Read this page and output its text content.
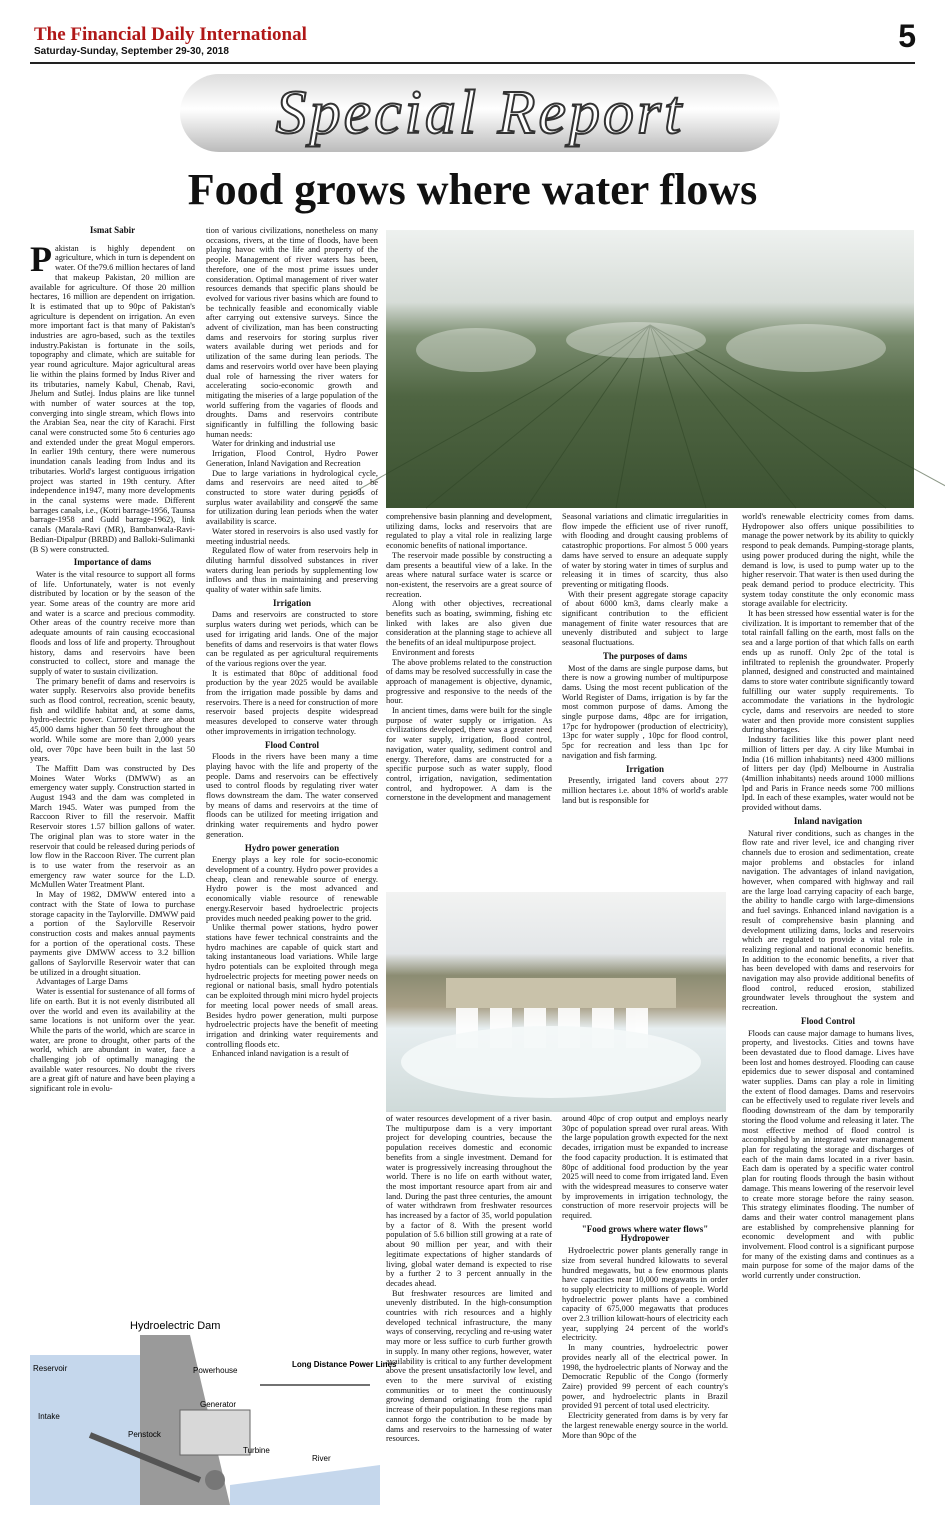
The Financial Daily International
Saturday-Sunday, September 29-30, 2018	5
Special Report
Food grows where water flows
Ismat Sabir
P akistan is highly dependent on agriculture, which in turn is dependent on water. Of the79.6 million hectares of land that makeup Pakistan, 20 million are available for agriculture. Of those 20 million hectares, 16 million are dependent on irrigation. It is estimated that up to 90pc of Pakistan's agriculture is dependent on irrigation. An even more important fact is that many of Pakistan's industries are agro-based, such as the textiles industry.Pakistan is fortunate in the soils, topography and climate, which are suitable for year round agriculture. Major agricultural areas lie within the plains formed by Indus River and its tributaries, namely Kabul, Chenab, Ravi, Jhelum and Sutlej. Indus plains are like tunnel with number of water sources at the top, converging into single stream, which flows into the Arabian Sea, near the city of Karachi. First canal were constructed some 5to 6 centuries ago and extended under the great Mogul emperors. In earlier 19th century, there were numerous inundation canals leading from Indus and its tributaries. World's largest contiguous irrigation project was started in 19th century. After independence in1947, many more developments in the canal systems were made. Different barrages canals, i.e., (Kotri barrage-1956, Taunsa barrage-1958 and Gudd barrage-1962), link canals (Marala-Ravi (MR), Bambanwala-Ravi-Bedian-Dipalpur (BRBD) and Balloki-Sulimanki (B S) were constructed.

Importance of dams

Water is the vital resource to support all forms of life. Unfortunately, water is not evenly distributed by location or by the season of the year. Some areas of the country are more arid and water is a scarce and precious commodity. Other areas of the country receive more than adequate amounts of rain causing ecoccasional floods and loss of life and property. Throughout history, dams and reservoirs have been constructed to collect, store and manage the supply of water to sustain civilization.

The primary benefit of dams and reservoirs is water supply. Reservoirs also provide benefits such as flood control, recreation, scenic beauty, fish and wildlife habitat and, at some dams, hydro-electric power. Currently there are about 45,000 dams higher than 50 feet throughout the world. While some are more than 2,000 years old, over 70pc have been built in the last 50 years.

The Maffitt Dam was constructed by Des Moines Water Works (DMWW) as an emergency water supply. Construction started in August 1943 and the dam was completed in March 1945. Water was pumped from the Raccoon River to fill the reservoir. Maffit Reservoir stores 1.57 billion gallons of water. The original plan was to store water in the reservoir that could be released during periods of low flow in the Raccoon River. The current plan is to use water from the reservoir as an emergency raw water source for the L.D. McMullen Water Treatment Plant.

In May of 1982, DMWW entered into a contract with the State of Iowa to purchase storage capacity in the Taylorville. DMWW paid a portion of the Saylorville Reservoir construction costs and makes annual payments for a portion of the operational costs. These payments give DMWW access to 3.2 billion gallons of Saylorville Reservoir water that can be utilized in a drought situation.

Advantages of Large Dams

Water is essential for sustenance of all forms of life on earth. But it is not evenly distributed all over the world and even its availability at the same locations is not uniform over the year. While the parts of the world, which are scarce in water, are prone to drought, other parts of the world, which are abundant in water, face a challenging job of optimally managing the available water resources. No doubt the rivers are a great gift of nature and have been playing a significant role in evolu-

tion of various civilizations, nonetheless on many occasions, rivers, at the time of floods, have been playing havoc with the life and property of the people. Management of river waters has been, therefore, one of the most prime issues under consideration. Optimal management of river water resources demands that specific plans should be evolved for various river basins which are found to be technically feasible and economically viable after carrying out extensive surveys. Since the advent of civilization, man has been constructing dams and reservoirs for storing surplus river waters available during wet periods and for utilization of the same during lean periods. The dams and reservoirs world over have been playing dual role of harnessing the river waters for accelerating socio-economic growth and mitigating the miseries of a large population of the world suffering from the vagaries of floods and droughts. Dams and reservoirs contribute significantly in fulfilling the following basic human needs:

Water for drinking and industrial use

Irrigation, Flood Control, Hydro Power Generation, Inland Navigation and Recreation

Due to large variations in hydrological cycle, dams and reservoirs are need aited to be constructed to store water during periods of surplus water availability and conserve the same for utilization during lean periods when the water availability is scarce.

Water stored in reservoirs is also used vastly for meeting industrial needs.

Regulated flow of water from reservoirs help in diluting harmful dissolved substances in river waters during lean periods by supplementing low inflows and thus in maintaining and preserving quality of water within safe limits.

Irrigation

Dams and reservoirs are constructed to store surplus waters during wet periods, which can be used for irrigating arid lands. One of the major benefits of dams and reservoirs is that water flows can be regulated as per agricultural requirements of the various regions over the year.

It is estimated that 80pc of additional food production by the year 2025 would be available from the irrigation made possible by dams and reservoirs. There is a need for construction of more reservoir based projects despite widespread measures developed to conserve water through other improvements in irrigation technology.

Flood Control

Floods in the rivers have been many a time playing havoc with the life and property of the people. Dams and reservoirs can be effectively used to control floods by regulating river water flows downstream the dam. The water conserved by means of dams and reservoirs at the time of floods can be utilized for meeting irrigation and drinking water requirements and hydro power generation.

Hydro power generation

Energy plays a key role for socio-economic development of a country. Hydro power provides a cheap, clean and renewable source of energy. Hydro power is the most advanced and economically viable resource of renewable energy.Reservoir based hydroelectric projects provides much needed peaking power to the grid.

Unlike thermal power stations, hydro power stations have fewer technical constraints and the hydro machines are capable of quick start and taking instantaneous load variations. While large hydro potentials can be exploited through mega hydroelectric projects for meeting power needs on regional or national basis, small hydro potentials can be exploited through mini micro hydel projects for meeting local power needs of small areas. Besides hydro power generation, multi purpose hydroelectric projects have the benefit of meeting irrigation and drinking water requirements and controlling floods etc.

Enhanced inland navigation is a result of

comprehensive basin planning and development, utilizing dams, locks and reservoirs that are regulated to play a vital role in realizing large economic benefits of national importance.

The reservoir made possible by constructing a dam presents a beautiful view of a lake. In the areas where natural surface water is scarce or non-existent, the reservoirs are a great source of recreation.

Along with other objectives, recreational benefits such as boating, swimming, fishing etc linked with lakes are also given due consideration at the planning stage to achieve all the benefits of an ideal multipurpose project.

Environment and forests

The above problems related to the construction of dams may be resolved successfully in case the approach of management is objective, dynamic, progressive and responsive to the needs of the hour.

In ancient times, dams were built for the single purpose of water supply or irrigation. As civilizations developed, there was a greater need for water supply, irrigation, flood control, navigation, water quality, sediment control and energy. Therefore, dams are constructed for a specific purpose such as water supply, flood control, irrigation, navigation, sedimentation control, and hydropower. A dam is the cornerstone in the development and management

Seasonal variations and climatic irregularities in flow impede the efficient use of river runoff, with flooding and drought causing problems of catastrophic proportions. For almost 5 000 years dams have served to ensure an adequate supply of water by storing water in times of surplus and releasing it in times of scarcity, thus also preventing or mitigating floods.

With their present aggregate storage capacity of about 6000 km3, dams clearly make a significant contribution to the efficient management of finite water resources that are unevenly distributed and subject to large seasonal fluctuations.

The purposes of dams

Most of the dams are single purpose dams, but there is now a growing number of multipurpose dams. Using the most recent publication of the World Register of Dams, irrigation is by far the most common purpose of dams. Among the single purpose dams, 48pc are for irrigation, 17pc for hydropower (production of electricity), 13pc for water supply , 10pc for flood control, 5pc for recreation and less than 1pc for navigation and fish farming.

Irrigation

Presently, irrigated land covers about 277 million hectares i.e. about 18% of world's arable land but is responsible for

world's renewable electricity comes from dams. Hydropower also offers unique possibilities to manage the power network by its ability to quickly respond to peak demands. Pumping-storage plants, using power produced during the night, while the demand is low, is used to pump water up to the higher reservoir. That water is then used during the peak demand period to produce electricity. This system today constitute the only economic mass storage available for electricity.

It has been stressed how essential water is for the civilization. It is important to remember that of the total rainfall falling on the earth, most falls on the sea and a large portion of that which falls on earth ends up as runoff. Only 2pc of the total is infiltrated to replenish the groundwater. Properly planned, designed and constructed and maintained dams to store water contribute significantly toward fulfilling our water supply requirements. To accommodate the variations in the hydrologic cycle, dams and reservoirs are needed to store water and then provide more consistent supplies during shortages.

Industry facilities like this power plant need million of litters per day. A city like Mumbai in India (16 million inhabitants) need 4300 millions of litters per day (lpd) Melbourne in Australia (4million inhabitants) needs around 1000 millions lpd and Paris in France needs some 700 millions lpd. In each of these examples, water would not be provided without dams.

Inland navigation

Natural river conditions, such as changes in the flow rate and river level, ice and changing river channels due to erosion and sedimentation, create major problems and obstacles for inland navigation. The advantages of inland navigation, however, when compared with highway and rail are the large load carrying capacity of each barge, the ability to handle cargo with large-dimensions and fuel savings. Enhanced inland navigation is a result of comprehensive basin planning and development utilizing dams, locks and reservoirs which are regulated to provide a vital role in realizing regional and national economic benefits. In addition to the economic benefits, a river that has been developed with dams and reservoirs for navigation may also provide additional benefits of flood control, reduced erosion, stabilized groundwater levels throughout the system and recreation.

Flood Control

Floods can cause major damage to humans lives, property, and livestocks. Cities and towns have been devastated due to flood damage. Lives have been lost and homes destroyed. Flooding can cause epidemics due to sewer disposal and contamined water supplies. Dams can play a role in limiting the extent of flood damages. Dams and reservoirs can be effectively used to regulate river levels and flooding downstream of the dam by temporarily storing the flood volume and releasing it later. The most effective method of flood control is accomplished by an integrated water management plan for regulating the storage and discharges of each of the main dams located in a river basin. Each dam is operated by a specific water control plan for routing floods through the basin without damage. This means lowering of the reservoir level to create more storage before the rainy season. This strategy eliminates flooding. The number of dams and their water control management plans are established by comprehensive planning for economic development and with public involvement. Flood control is a significant purpose for many of the existing dams and continues as a main purpose for some of the major dams of the world currently under construction.

of water resources development of a river basin. The multipurpose dam is a very important project for developing countries, because the population receives domestic and economic benefits from a single investment. Demand for water is progressively increasing throughout the world. There is no life on earth without water, the most important resource apart from air and land. During the past three centuries, the amount of water withdrawn from freshwater resources has increased by a factor of 35, world population by a factor of 8. With the present world population of 5.6 billion still growing at a rate of about 90 million per year, and with their legitimate expectations of higher standards of living, global water demand is expected to rise by a further 2 to 3 percent annually in the decades ahead.

But freshwater resources are limited and unevenly distributed. In the high-consumption countries with rich resources and a highly developed technical infrastructure, the many ways of conserving, recycling and re-using water may more or less suffice to curb further growth in supply. In many other regions, however, water availability is critical to any further development above the present unsatisfactorily low level, and even to the mere survival of existing communities or to meet the continuously growing demand originating from the rapid increase of their population. In these regions man cannot forgo the contribution to be made by dams and reservoirs to the harnessing of water resources.

around 40pc of crop output and employs nearly 30pc of population spread over rural areas. With the large population growth expected for the next decades, irrigation must be expanded to increase the food capacity production. It is estimated that 80pc of additional food production by the year 2025 will need to come from irrigated land. Even with the widespread measures to conserve water by improvements in irrigation technology, the construction of more reservoir projects will be required.

"Food grows where water flows" Hydropower

Hydroelectric power plants generally range in size from several hundred kilowatts to several hundred megawatts, but a few enormous plants have capacities near 10,000 megawatts in order to supply electricity to millions of people. World hydroelectric power plants have a combined capacity of 675,000 megawatts that produces over 2.3 trillion kilowatt-hours of electricity each year, supplying 24 percent of the world's electricity.

In many countries, hydroelectric power provides nearly all of the electrical power. In 1998, the hydroelectric plants of Norway and the Democratic Republic of the Congo (formerly Zaire) provided 99 percent of each country's power, and hydroelectric plants in Brazil provided 91 percent of total used electricity.

Electricity generated from dams is by very far the largest renewable energy source in the world. More than 90pc of the

Hydroelectric Dam
Reservoir
Intake
Powerhouse
Generator
Long Distance Power Lines
Penstock
Turbine
River
